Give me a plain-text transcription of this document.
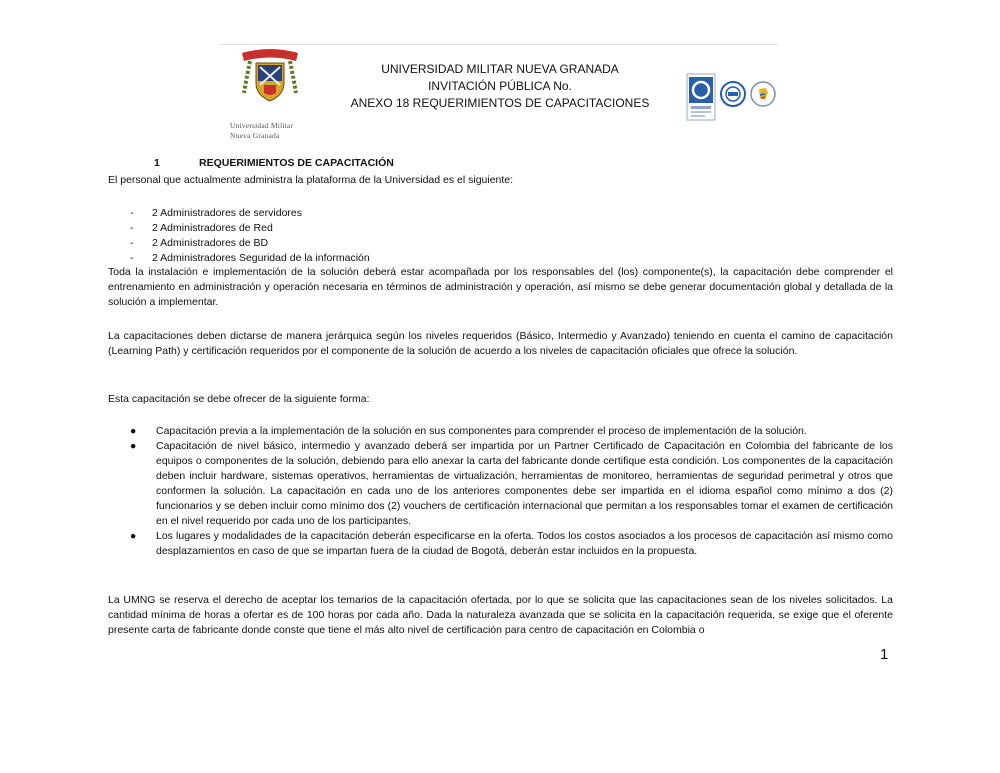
Universidad Militar
Nueva Granada
UNIVERSIDAD MILITAR NUEVA GRANADA
INVITACIÓN PÚBLICA No.
ANEXO 18 REQUERIMIENTOS DE CAPACITACIONES
1	REQUERIMIENTOS DE CAPACITACIÓN
El personal que actualmente administra la plataforma de la Universidad es el siguiente:
- 2 Administradores de servidores
- 2 Administradores de Red
- 2 Administradores de BD
- 2 Administradores Seguridad de la información
Toda la instalación e implementación de la solución deberá estar acompañada por los responsables del (los) componente(s), la capacitación debe comprender el entrenamiento en administración y operación necesaria en términos de administración y operación, así mismo se debe generar documentación global y detallada de la solución a implementar.
La capacitaciones deben dictarse de manera jerárquica según los niveles requeridos (Básico, Intermedio y Avanzado) teniendo en cuenta el camino de capacitación (Learning Path) y certificación requeridos por el componente de la solución de acuerdo a los niveles de capacitación oficiales que ofrece la solución.
Esta capacitación se debe ofrecer de la siguiente forma:
●	Capacitación previa a la implementación de la solución en sus componentes para comprender el proceso de implementación de la solución.
●	Capacitación de nivel básico, intermedio y avanzado deberá ser impartida por un Partner Certificado de Capacitación en Colombia del fabricante de los equipos o componentes de la solución, debiendo para ello anexar la carta del fabricante donde certifique esta condición. Los componentes de la capacitación deben incluir hardware, sistemas operativos, herramientas de virtualización, herramientas de monitoreo, herramientas de seguridad perimetral y otros que conformen la solución. La capacitación en cada uno de los anteriores componentes debe ser impartida en el idioma español como mínimo a dos (2) funcionarios y se deben incluir como mínimo dos (2) vouchers de certificación internacional que permitan a los responsables tomar el examen de certificación en el nivel requerido por cada uno de los participantes.
●	Los lugares y modalidades de la capacitación deberán especificarse en la oferta. Todos los costos asociados a los procesos de capacitación así mismo como desplazamientos en caso de que se impartan fuera de la ciudad de Bogotá, deberán estar incluidos en la propuesta.
La UMNG se reserva el derecho de aceptar los temarios de la capacitación ofertada, por lo que se solicita que las capacitaciones sean de los niveles solicitados. La cantidad mínima de horas a ofertar es de 100 horas por cada año. Dada la naturaleza avanzada que se solicita en la capacitación requerida, se exige que el oferente presente carta de fabricante donde conste que tiene el más alto nivel de certificación para centro de capacitación en Colombia o
1
